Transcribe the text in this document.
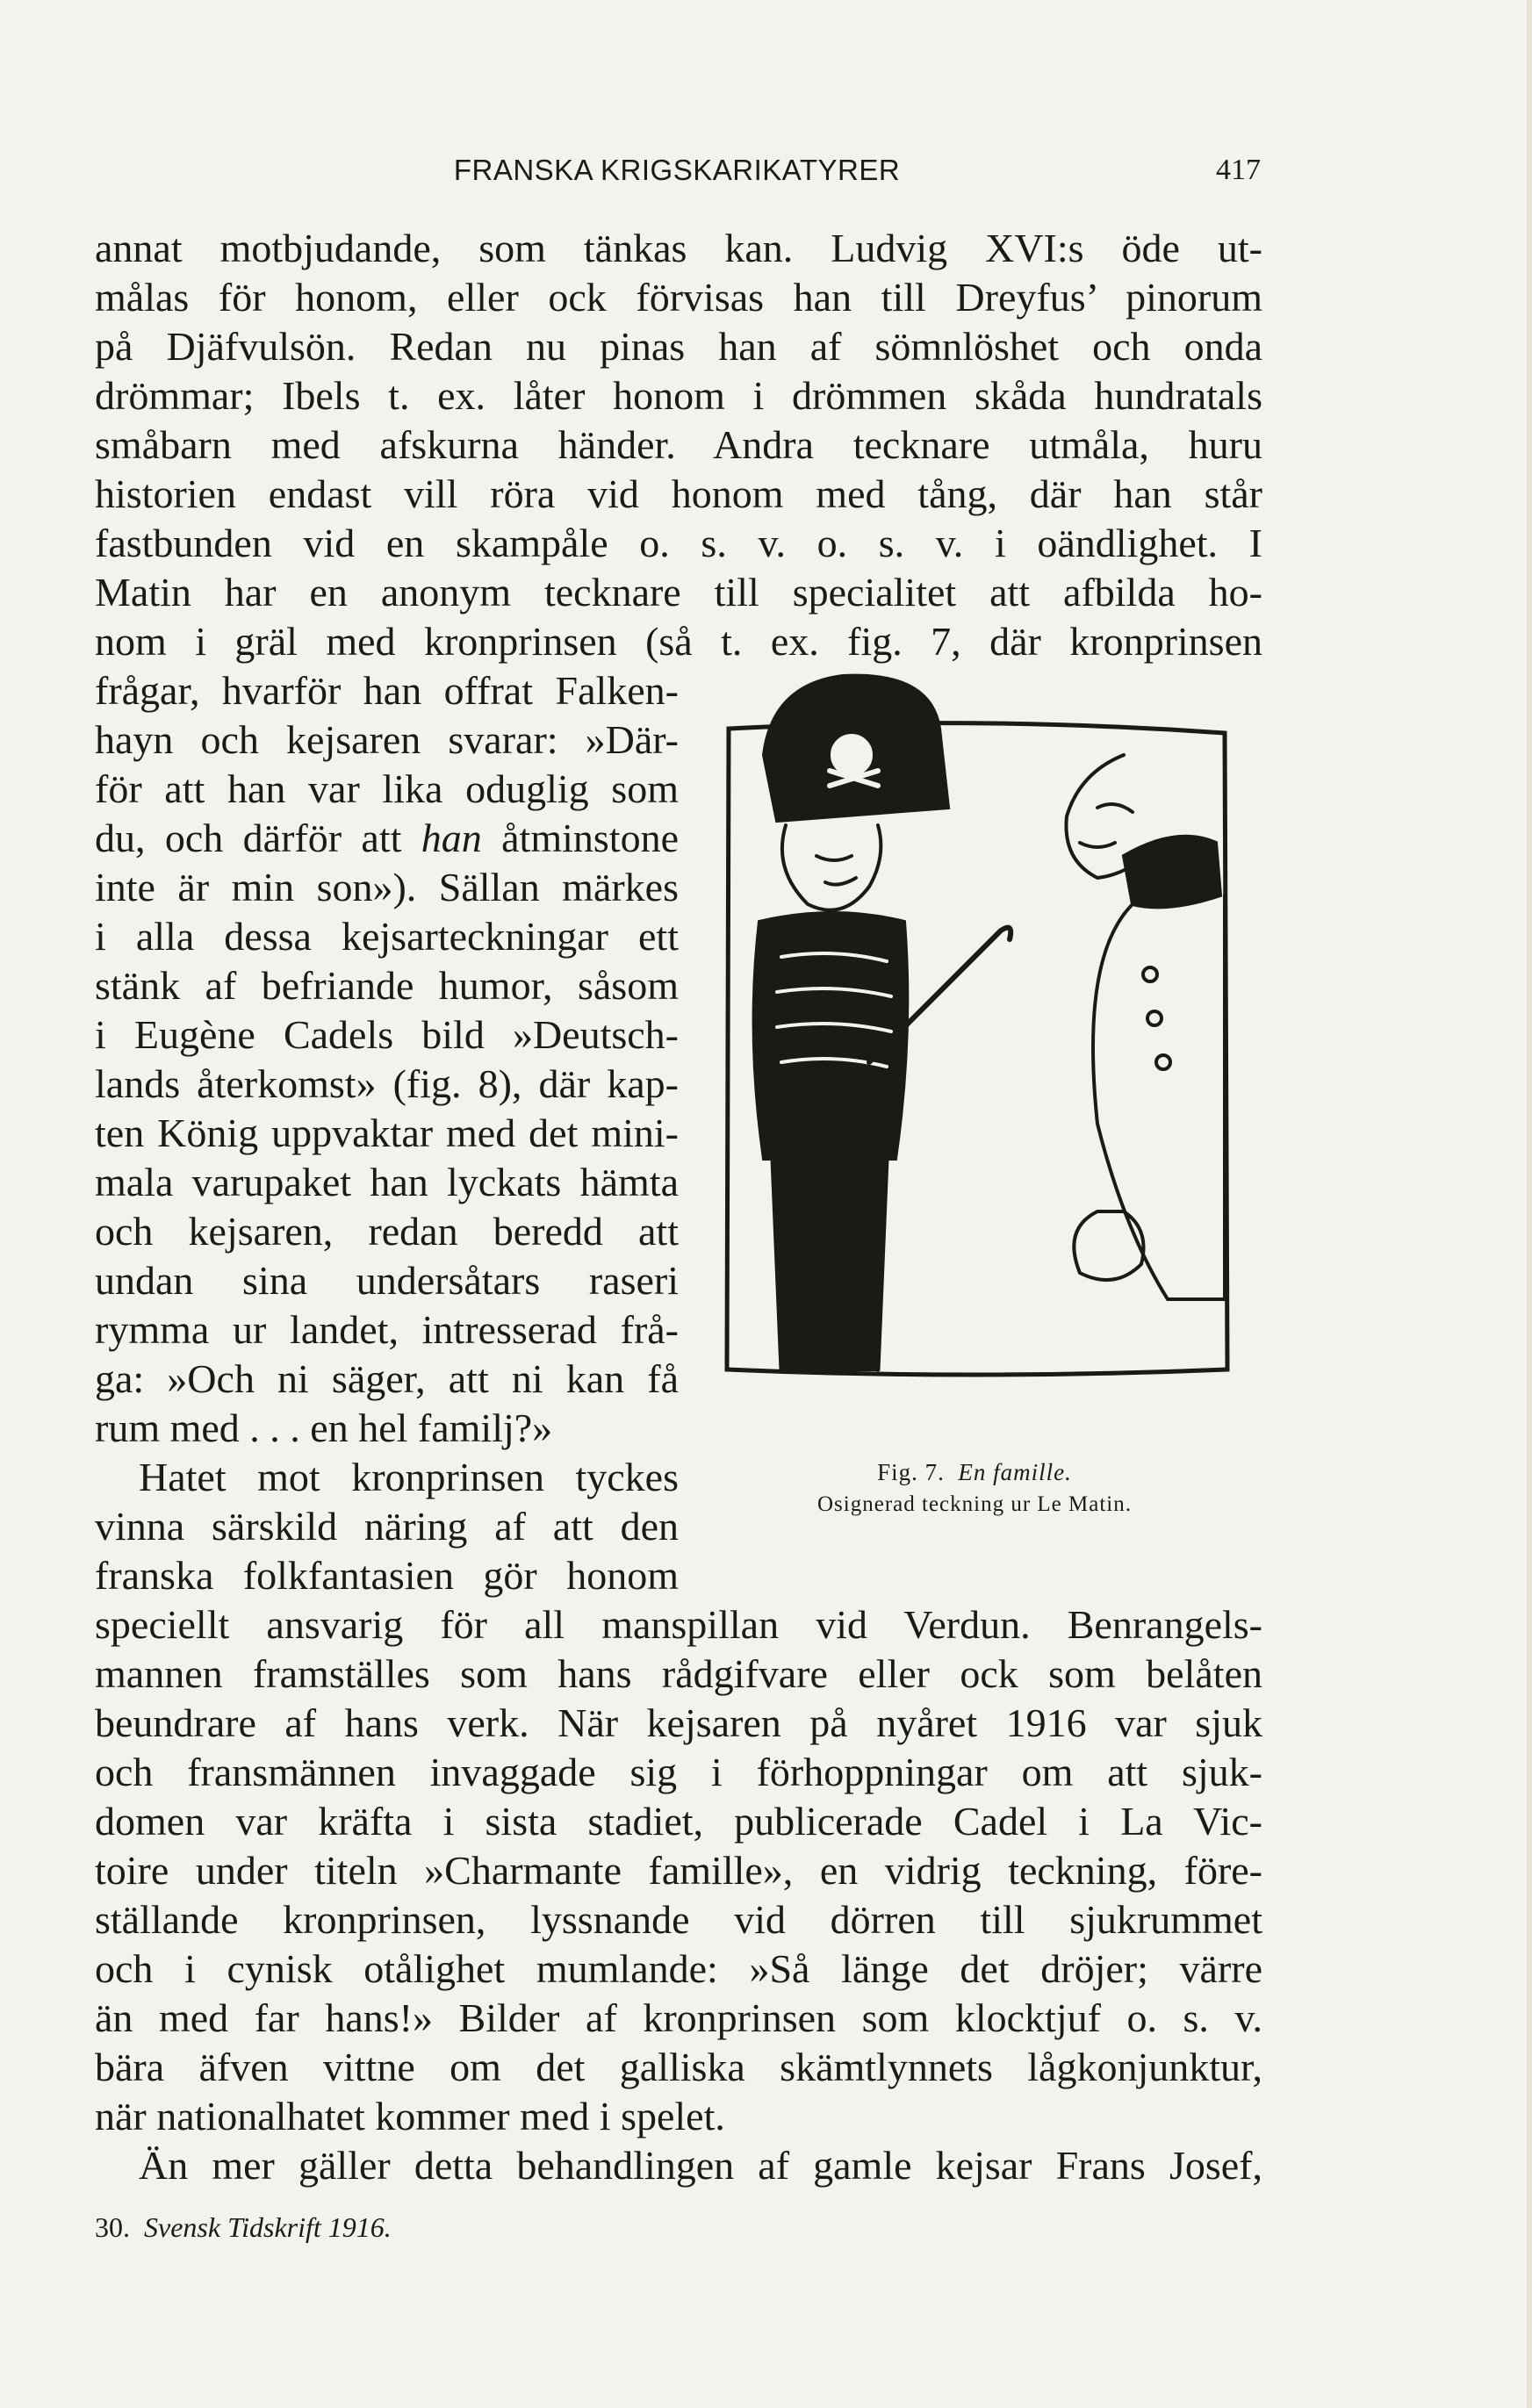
FRANSKA KRIGSKARIKATYRER	417
annat motbjudande, som tänkas kan. Ludvig XVI:s öde ut-
målas för honom, eller ock förvisas han till Dreyfus’ pinorum
på Djäfvulsön. Redan nu pinas han af sömnlöshet och onda
drömmar; Ibels t. ex. låter honom i drömmen skåda hundratals
småbarn med afskurna händer. Andra tecknare utmåla, huru
historien endast vill röra vid honom med tång, där han står
fastbunden vid en skampåle o. s. v. o. s. v. i oändlighet. I
Matin har en anonym tecknare till specialitet att afbilda ho-
nom i gräl med kronprinsen (så t. ex. fig. 7, där kronprinsen
frågar, hvarför han offrat Falken-
hayn och kejsaren svarar: »Där-
för att han var lika oduglig som
du, och därför att han åtminstone
inte är min son»). Sällan märkes
i alla dessa kejsarteckningar ett
stänk af befriande humor, såsom
i Eugène Cadels bild »Deutsch-
lands återkomst» (fig. 8), där kap-
ten König uppvaktar med det mini-
mala varupaket han lyckats hämta
och kejsaren, redan beredd att
undan sina undersåtars raseri
rymma ur landet, intresserad frå-
ga: »Och ni säger, att ni kan få
rum med . . . en hel familj?»
Hatet mot kronprinsen tyckes
vinna särskild näring af att den
franska folkfantasien gör honom
speciellt ansvarig för all manspillan vid Verdun. Benrangels-
mannen framställes som hans rådgifvare eller ock som belåten
beundrare af hans verk. När kejsaren på nyåret 1916 var sjuk
och fransmännen invaggade sig i förhoppningar om att sjuk-
domen var kräfta i sista stadiet, publicerade Cadel i La Vic-
toire under titeln »Charmante famille», en vidrig teckning, före-
ställande kronprinsen, lyssnande vid dörren till sjukrummet
och i cynisk otålighet mumlande: »Så länge det dröjer; värre
än med far hans!» Bilder af kronprinsen som klocktjuf o. s. v.
bära äfven vittne om det galliska skämtlynnets lågkonjunktur,
när nationalhatet kommer med i spelet.
Än mer gäller detta behandlingen af gamle kejsar Frans Josef,
Fig. 7. En famille.
Osignerad teckning ur Le Matin.
30. Svensk Tidskrift 1916.
